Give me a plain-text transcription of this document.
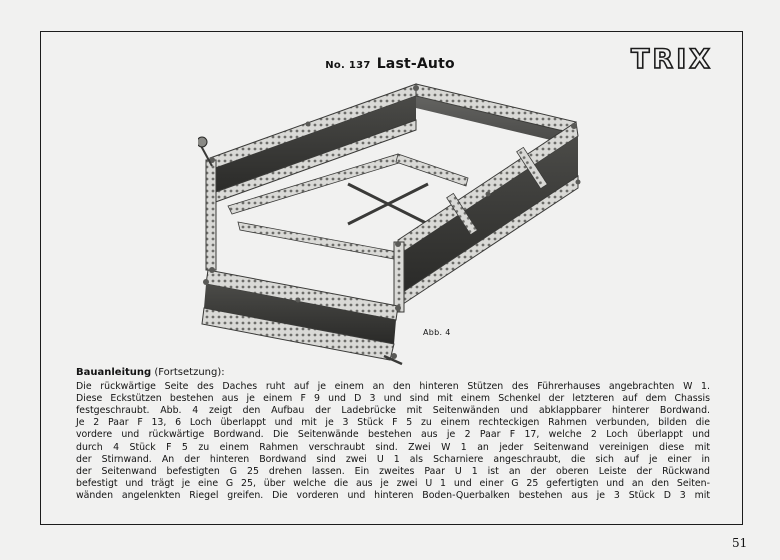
No. 137 Last-Auto	TRIX
Abb. 4

Bauanleitung (Fortsetzung):

Die rückwärtige Seite des Daches ruht auf je einem an den hinteren Stützen des Führerhauses angebrachten W 1.

Diese Eckstützen bestehen aus je einem F 9 und D 3 und sind mit einem Schenkel der letzteren auf dem Chassis

festgeschraubt. Abb. 4 zeigt den Aufbau der Ladebrücke mit Seitenwänden und abklappbarer hinterer Bordwand.

Je 2 Paar F 13, 6 Loch überlappt und mit je 3 Stück F 5 zu einem rechteckigen Rahmen verbunden, bilden die

vordere und rückwärtige Bordwand. Die Seitenwände bestehen aus je 2 Paar F 17, welche 2 Loch überlappt und

durch 4 Stück F 5 zu einem Rahmen verschraubt sind. Zwei W 1 an jeder Seitenwand vereinigen diese mit

der Stirnwand. An der hinteren Bordwand sind zwei U 1 als Scharniere angeschraubt, die sich auf je einer in

der Seitenwand befestigten G 25 drehen lassen. Ein zweites Paar U 1 ist an der oberen Leiste der Rückwand

befestigt und trägt je eine G 25, über welche die aus je zwei U 1 und einer G 25 gefertigten und an den Seiten-

wänden angelenkten Riegel greifen. Die vorderen und hinteren Boden-Querbalken bestehen aus je 3 Stück D 3 mit

51
